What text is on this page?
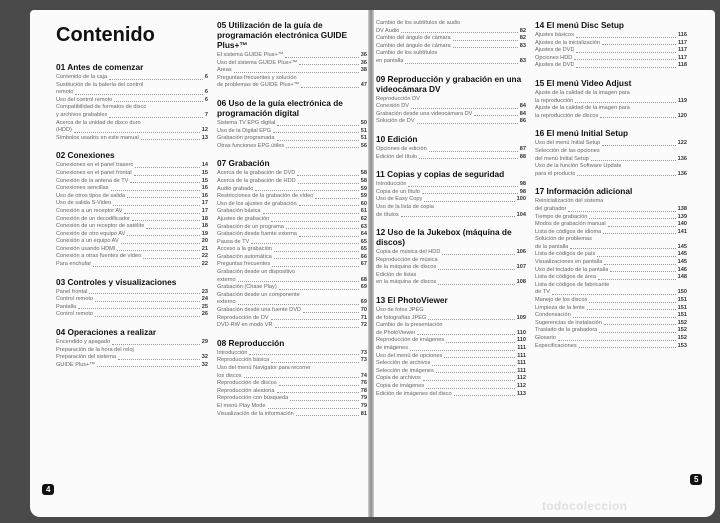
Contenido
01 Antes de comenzar
Contenido de la caja	6
Sustitución de la batería del control
remoto	6
Uso del control remoto	6
Compatibilidad de formatos de disco
y archivos grabables	7
Acerca de la unidad de disco duro
(HDD)	12
Símbolos usados en este manual	13
02 Conexiones
Conexiones en el panel trasero	14
Conexiones en el panel frontal	15
Conexión de la antena de TV	15
Conexiones sencillas	16
Uso de otros tipos de salida	16
Uso de salida S-Video	17
Conexión a un receptor AV	17
Conexión de un decodificador	18
Conexión de un receptor de satélite	18
Conexión de otro equipo AV	19
Conexión a un equipo AV	20
Conexión usando HDMI	21
Conexión a otras fuentes de vídeo	22
Para enchufar	22
03 Controles y visualizaciones
Panel frontal	23
Control remoto	24
Pantalla	25
Control remoto	26
04 Operaciones a realizar
Encendido y apagado	29
Preparación de la hora del reloj
Preparación del sistema	32
GUIDE Plus+™	32
05 Utilización de la guía de programación electrónica GUIDE Plus+™
El sistema GUIDE Plus+™	36
Uso del sistema GUIDE Plus+™	36
Áreas	38
Preguntas frecuentes y solución
de problemas de GUIDE Plus+™	47
06 Uso de la guía electrónica de programación digital
Sistema TV EPG digital	50
Uso de la Digital EPG	51
Grabación programada	51
Otras funciones EPG útiles	56
07 Grabación
Acerca de la grabación de DVD	58
Acerca de la grabación de HDD	58
Audio grabado	59
Restricciones de la grabación de vídeo	59
Uso de los ajustes de grabación	60
Grabación básica	61
Ajustes de grabación	62
Grabación de un programa	63
Grabación desde fuente externa	64
Pausa de TV	65
Acceso a la grabación	65
Grabación automática	66
Preguntas frecuentes	67
Grabación desde un dispositivo
externo	68
Grabación (Chase Play)	69
Grabación desde un componente
externo	69
Grabación desde una fuente DVD	70
Reproducción de DV	71
DVD-RW en modo VR	72
08 Reproducción
Introducción	73
Reproducción básica	73
Uso del menú Navigator para recorrer
los discos	74
Reproducción de discos	76
Reproducción aleatoria	78
Reproducción con búsqueda	79
El menú Play Mode	79
Visualización de la información	81
Cambio de los subtítulos de audio
DV Audio	82
Cambio del ángulo de cámara	82
Cambio del ángulo de cámara	83
Cambio de los subtítulos
en pantalla	83
09 Reproducción y grabación en una videocámara DV
Reproducción DV
Conexión DV	84
Grabación desde una videocámara DV	84
Solución de DV	86
10 Edición
Opciones de edición	87
Edición del título	88
11 Copias y copias de seguridad
Introducción	98
Copia de un título	98
Uso de Easy Copy	100
Uso de la lista de copia
de títulos	104
12 Uso de la Jukebox (máquina de discos)
Copia de música del HDD	106
Reproducción de música
de la máquina de discos	107
Edición de listas
en la máquina de discos	108
13 El PhotoViewer
Uso de fotos JPEG
de fotografías JPEG	109
Cambio de la presentación
de PhotoViewer	110
Reproducción de imágenes	110
de imágenes	111
Uso del menú de opciones	111
Selección de archivos	111
Selección de imágenes	111
Copia de archivos	112
Copia de imágenes	112
Edición de imágenes del disco	113
14 El menú Disc Setup
Ajustes básicos	116
Ajustes de la inicialización	117
Ajustes de DVD	117
Opciones HDD	117
Ajustes de DVD	118
15 El menú Video Adjust
Ajuste de la calidad de la imagen para
la reproducción	119
Ajuste de la calidad de la imagen para
la reproducción de discos	120
16 El menú Initial Setup
Uso del menú Initial Setup	122
Selección de las opciones
del menú Initial Setup	136
Uso de la función Software Update
para el producto	136
17 Información adicional
Reinicialización del sistema
del grabador	138
Tiempo de grabación	139
Modos de grabación manual	140
Lista de códigos de idioma	141
Solución de problemas
de la pantalla	145
Lista de códigos de país	145
Visualizaciones en pantalla	145
Uso del teclado de la pantalla	146
Lista de códigos de área	148
Lista de códigos de fabricante
de TV	150
Manejo de los discos	151
Limpieza de la lente	151
Condensación	151
Sugerencias de instalación	152
Traslado de la grabadora	152
Glosario	152
Especificaciones	153
4
5
todocoleccion
